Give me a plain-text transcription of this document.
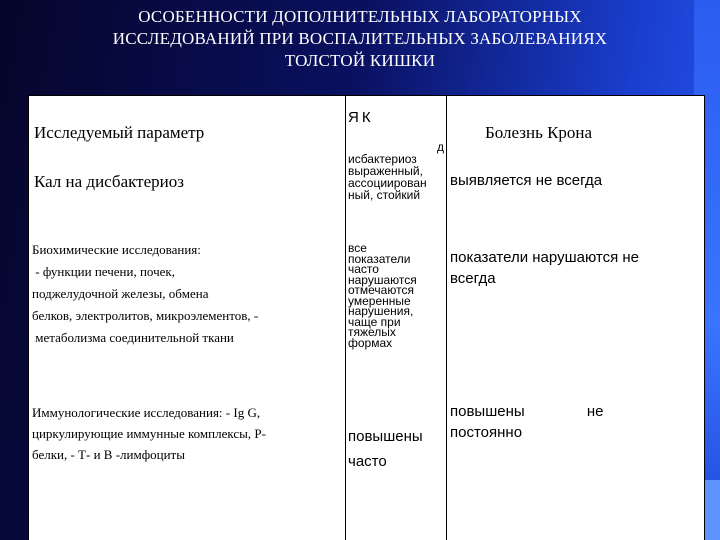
ОСОБЕННОСТИ ДОПОЛНИТЕЛЬНЫХ ЛАБОРАТОРНЫХ
ИССЛЕДОВАНИЙ ПРИ ВОСПАЛИТЕЛЬНЫХ ЗАБОЛЕВАНИЯХ
ТОЛСТОЙ КИШКИ
Исследуемый параметр
ЯК
Болезнь Крона
Кал на дисбактериоз
д
исбактериоз
выраженный,
ассоциирован
ный, стойкий
выявляется не всегда
Биохимические исследования:
- функции печени, почек,
поджелудочной железы, обмена
белков, электролитов, микроэлементов, -
метаболизма соединительной ткани
все
показатели
часто
нарушаются
отмечаются
умеренные
нарушения,
чаще при
тяжелых
формах
показатели нарушаются не
всегда
Иммунологические исследования: - Ig G,
циркулирующие иммунные комплексы, Р-
белки, - Т- и В -лимфоциты
повышены
часто
повышены не
постоянно
